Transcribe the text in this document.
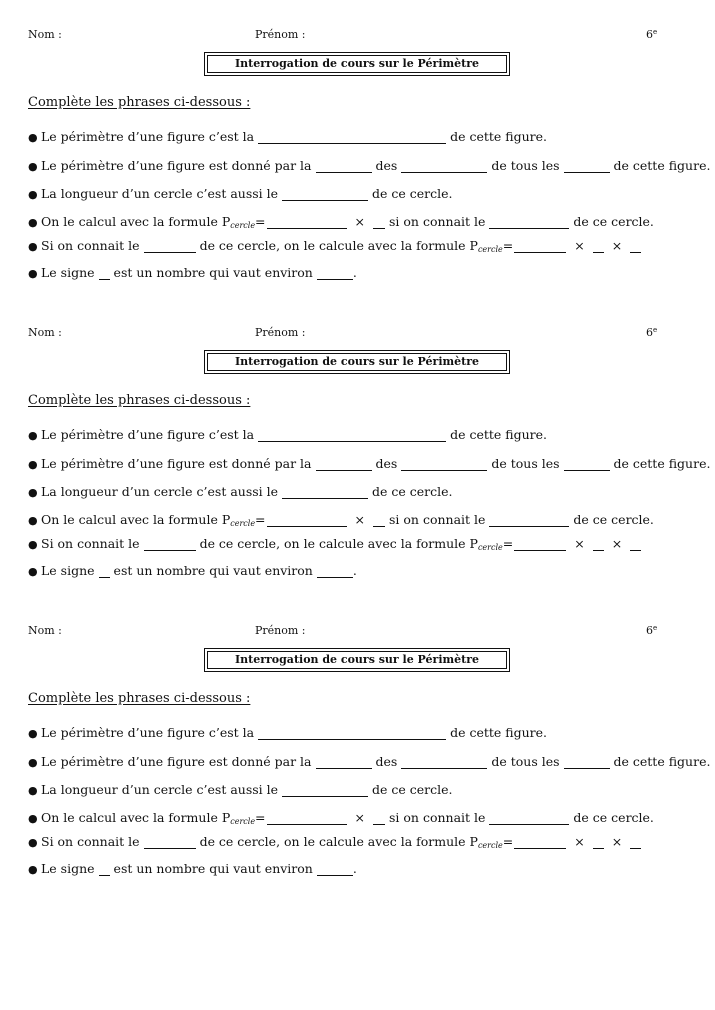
Nom :	Prénom :	6e
Interrogation de cours sur le Périmètre
Complète les phrases ci-dessous :
● Le périmètre d’une figure c’est la	de cette figure.
● Le périmètre d’une figure est donné par la	des	de tous les	de cette figure.
● La longueur d’un cercle c’est aussi le	de ce cercle.
● On le calcul avec la formule $P_{cercle}=$	× si on connait le	de ce cercle.
● Si on connait le	de ce cercle, on le calcule avec la formule $P_{cercle}=$	× ×
● Le signe est un nombre qui vaut environ	.
Nom :	Prénom :	6e
Interrogation de cours sur le Périmètre
Complète les phrases ci-dessous :
● Le périmètre d’une figure c’est la	de cette figure.
● Le périmètre d’une figure est donné par la	des	de tous les	de cette figure.
● La longueur d’un cercle c’est aussi le	de ce cercle.
● On le calcul avec la formule $P_{cercle}=$	× si on connait le	de ce cercle.
● Si on connait le	de ce cercle, on le calcule avec la formule $P_{cercle}=$	× ×
● Le signe est un nombre qui vaut environ	.
Nom :	Prénom :	6e
Interrogation de cours sur le Périmètre
Complète les phrases ci-dessous :
● Le périmètre d’une figure c’est la	de cette figure.
● Le périmètre d’une figure est donné par la	des	de tous les	de cette figure.
● La longueur d’un cercle c’est aussi le	de ce cercle.
● On le calcul avec la formule $P_{cercle}=$	× si on connait le	de ce cercle.
● Si on connait le	de ce cercle, on le calcule avec la formule $P_{cercle}=$	× ×
● Le signe est un nombre qui vaut environ	.
